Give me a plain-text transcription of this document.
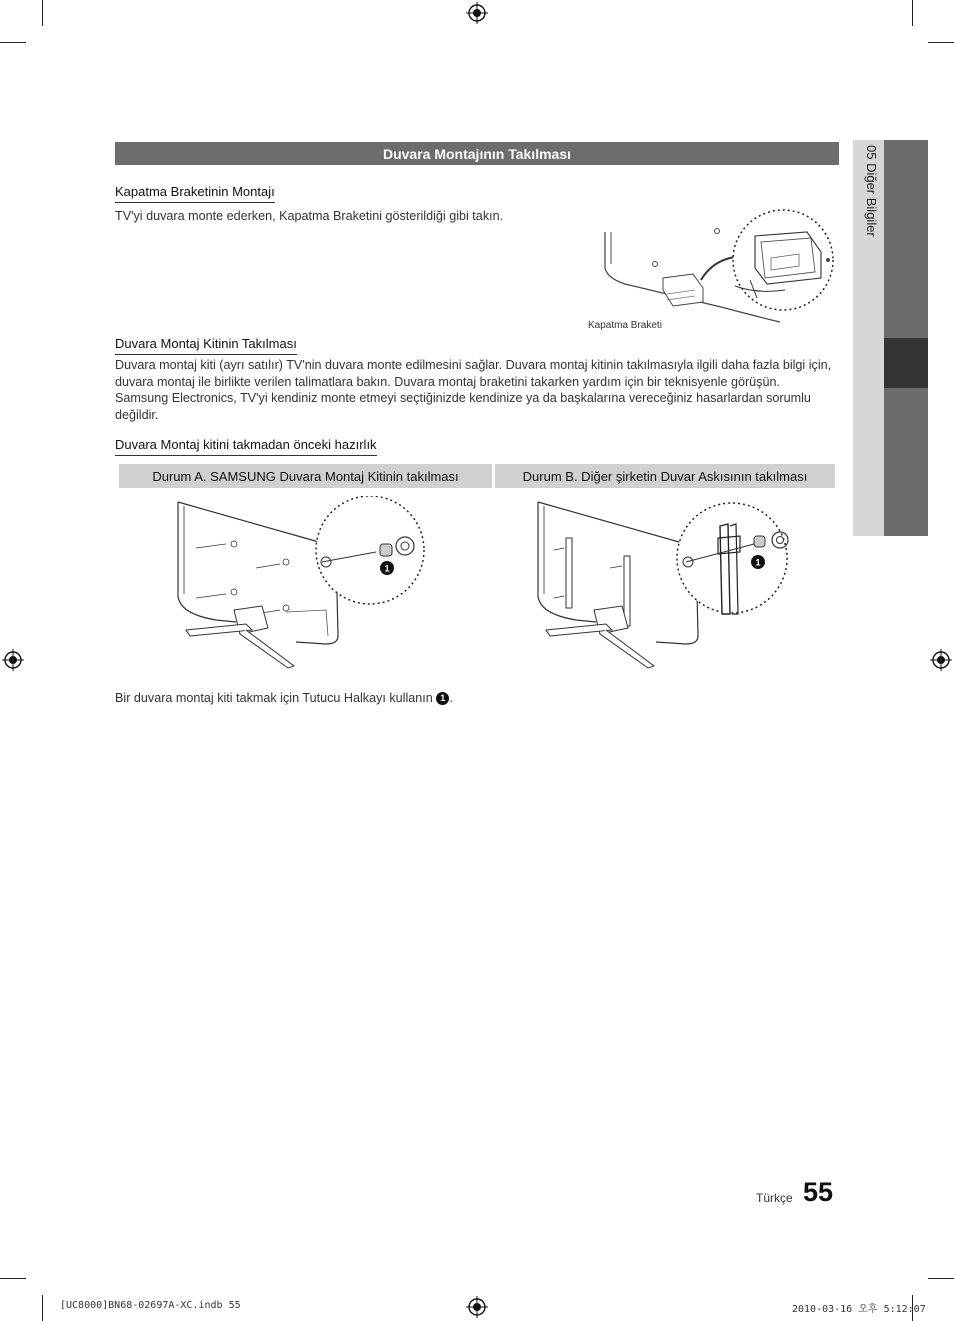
05 Diğer Bilgiler
Duvara Montajının Takılması
Kapatma Braketinin Montajı
TV'yi duvara monte ederken, Kapatma Braketini gösterildiği gibi takın.
Kapatma Braketi
Duvara Montaj Kitinin Takılması
Duvara montaj kiti (ayrı satılır) TV'nin duvara monte edilmesini sağlar. Duvara montaj kitinin takılmasıyla ilgili daha fazla bilgi için, duvara montaj ile birlikte verilen talimatlara bakın. Duvara montaj braketini takarken yardım için bir teknisyenle görüşün. Samsung Electronics, TV'yi kendiniz monte etmeyi seçtiğinizde kendinize ya da başkalarına vereceğiniz hasarlardan sorumlu değildir.
Duvara Montaj kitini takmadan önceki hazırlık
Durum A. SAMSUNG Duvara Montaj Kitinin takılması	Durum B. Diğer şirketin Duvar Askısının takılması
1
1
Bir duvara montaj kiti takmak için Tutucu Halkayı kullanın 1 .
Türkçe 55
[UC8000]BN68-02697A-XC.indb 55	2010-03-16 오후 5:12:07
